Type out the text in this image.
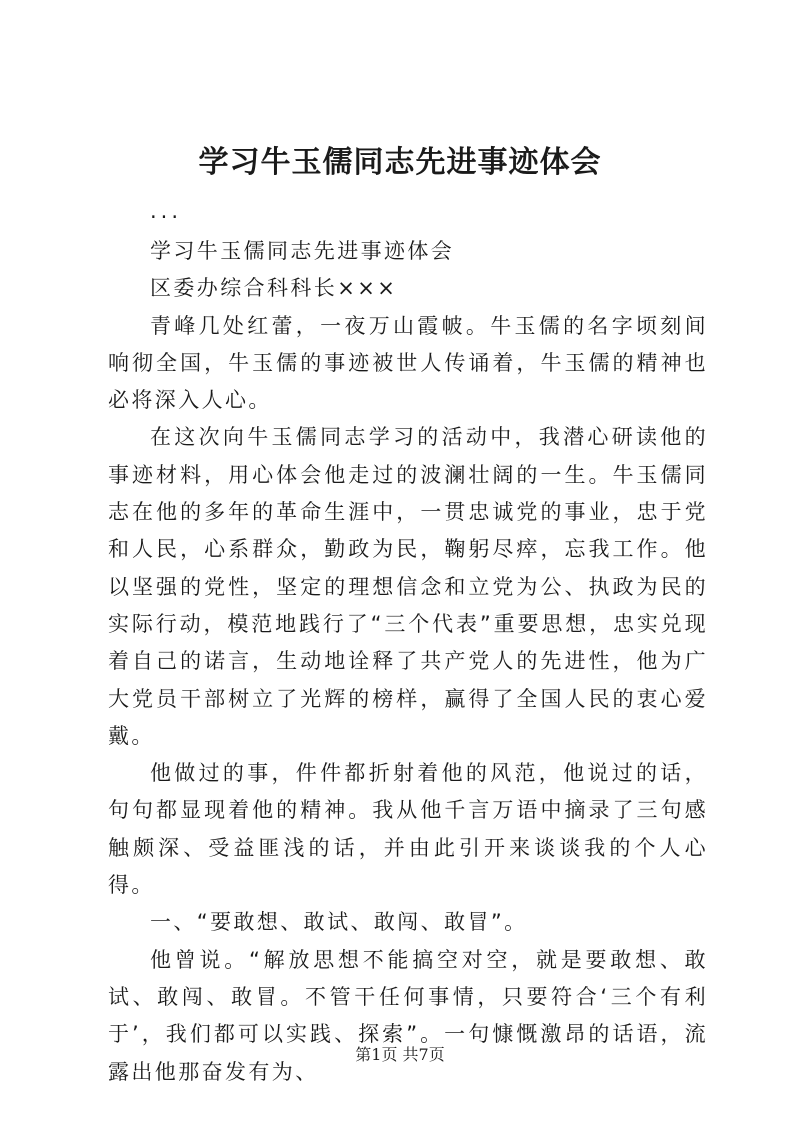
学习牛玉儒同志先进事迹体会

...

学习牛玉儒同志先进事迹体会

区委办综合科科长×××

青峰几处红蕾，一夜万山霞帔。牛玉儒的名字顷刻间响彻全国，牛玉儒的事迹被世人传诵着，牛玉儒的精神也必将深入人心。

在这次向牛玉儒同志学习的活动中，我潜心研读他的事迹材料，用心体会他走过的波澜壮阔的一生。牛玉儒同志在他的多年的革命生涯中，一贯忠诚党的事业，忠于党和人民，心系群众，勤政为民，鞠躬尽瘁，忘我工作。他以坚强的党性，坚定的理想信念和立党为公、执政为民的实际行动，模范地践行了“三个代表”重要思想，忠实兑现着自己的诺言，生动地诠释了共产党人的先进性，他为广大党员干部树立了光辉的榜样，赢得了全国人民的衷心爱戴。

他做过的事，件件都折射着他的风范，他说过的话，句句都显现着他的精神。我从他千言万语中摘录了三句感触颇深、受益匪浅的话，并由此引开来谈谈我的个人心得。

一、“要敢想、敢试、敢闯、敢冒”。

他曾说。“解放思想不能搞空对空，就是要敢想、敢试、敢闯、敢冒。不管干任何事情，只要符合‘三个有利于’，我们都可以实践、探索”。一句慷慨激昂的话语，流露出他那奋发有为、

第1页 共7页
